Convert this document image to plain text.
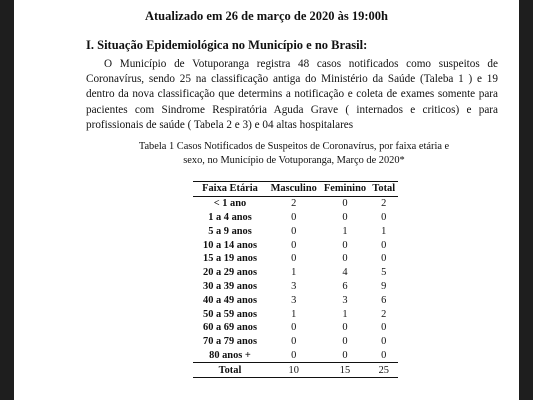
Atualizado em 26 de março de 2020 às 19:00h
I. Situação Epidemiológica no Município e no Brasil:

O Município de Votuporanga registra 48 casos notificados como suspeitos de Coronavírus, sendo 25 na classificação antiga do Ministério da Saúde (Taleba 1 ) e 19 dentro da nova classificação que determins a notificação e coleta de exames somente para pacientes com Sindrome Respiratória Aguda Grave ( internados e criticos) e para profissionais de saúde ( Tabela 2 e 3) e 04 altas hospitalares

Tabela 1 Casos Notificados de Suspeitos de Coronavírus, por faixa etária e
sexo, no Município de Votuporanga, Março de 2020*
Faixa Etária	Masculino	Feminino	Total
< 1 ano	2	0	2
1 a 4 anos	0	0	0
5 a 9 anos	0	1	1
10 a 14 anos	0	0	0
15 a 19 anos	0	0	0
20 a 29 anos	1	4	5
30 a 39 anos	3	6	9
40 a 49 anos	3	3	6
50 a 59 anos	1	1	2
60 a 69 anos	0	0	0
70 a 79 anos	0	0	0
80 anos +	0	0	0
Total	10	15	25
